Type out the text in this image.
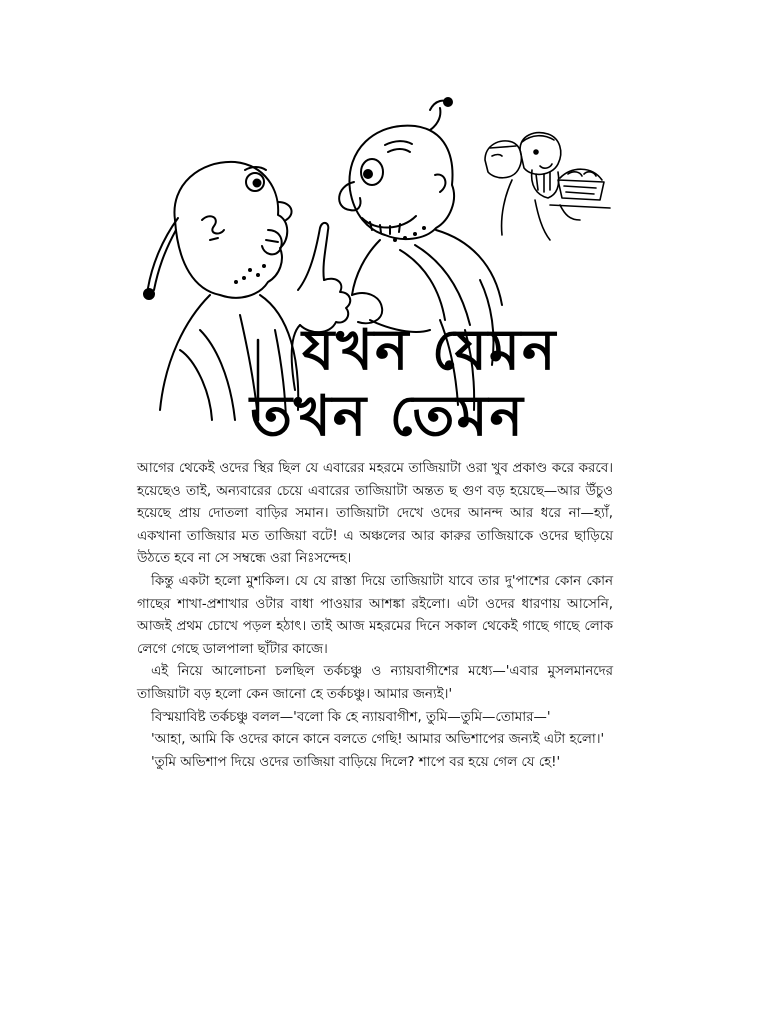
যখন যেমন
তখন তেমন

আগের থেকেই ওদের স্থির ছিল যে এবারের মহরমে তাজিয়াটা ওরা খুব প্রকাণ্ড করে করবে। হয়েছেও তাই, অন্যবারের চেয়ে এবারের তাজিয়াটা অন্তত ছ গুণ বড় হয়েছে—আর উঁচুও হয়েছে প্রায় দোতলা বাড়ির সমান। তাজিয়াটা দেখে ওদের আনন্দ আর ধরে না—হ্যাঁ, একখানা তাজিয়ার মত তাজিয়া বটে! এ অঞ্চলের আর কারুর তাজিয়াকে ওদের ছাড়িয়ে উঠতে হবে না সে সম্বন্ধে ওরা নিঃসন্দেহ।

কিন্তু একটা হলো মুশকিল। যে যে রাস্তা দিয়ে তাজিয়াটা যাবে তার দু'পাশের কোন কোন গাছের শাখা-প্রশাখার ওটার বাধা পাওয়ার আশঙ্কা রইলো। এটা ওদের ধারণায় আসেনি, আজই প্রথম চোখে পড়ল হঠাৎ। তাই আজ মহরমের দিনে সকাল থেকেই গাছে গাছে লোক লেগে গেছে ডালপালা ছাঁটার কাজে।

এই নিয়ে আলোচনা চলছিল তর্কচঞ্চু ও ন্যায়বাগীশের মধ্যে—'এবার মুসলমানদের তাজিয়াটা বড় হলো কেন জানো হে তর্কচঞ্চু। আমার জন্যই।'

বিস্ময়াবিষ্ট তর্কচঞ্চু বলল—'বলো কি হে ন্যায়বাগীশ, তুমি—তুমি—তোমার—'

'আহা, আমি কি ওদের কানে কানে বলতে গেছি! আমার অভিশাপের জন্যই এটা হলো।'

'তুমি অভিশাপ দিয়ে ওদের তাজিয়া বাড়িয়ে দিলে? শাপে বর হয়ে গেল যে হে!'
